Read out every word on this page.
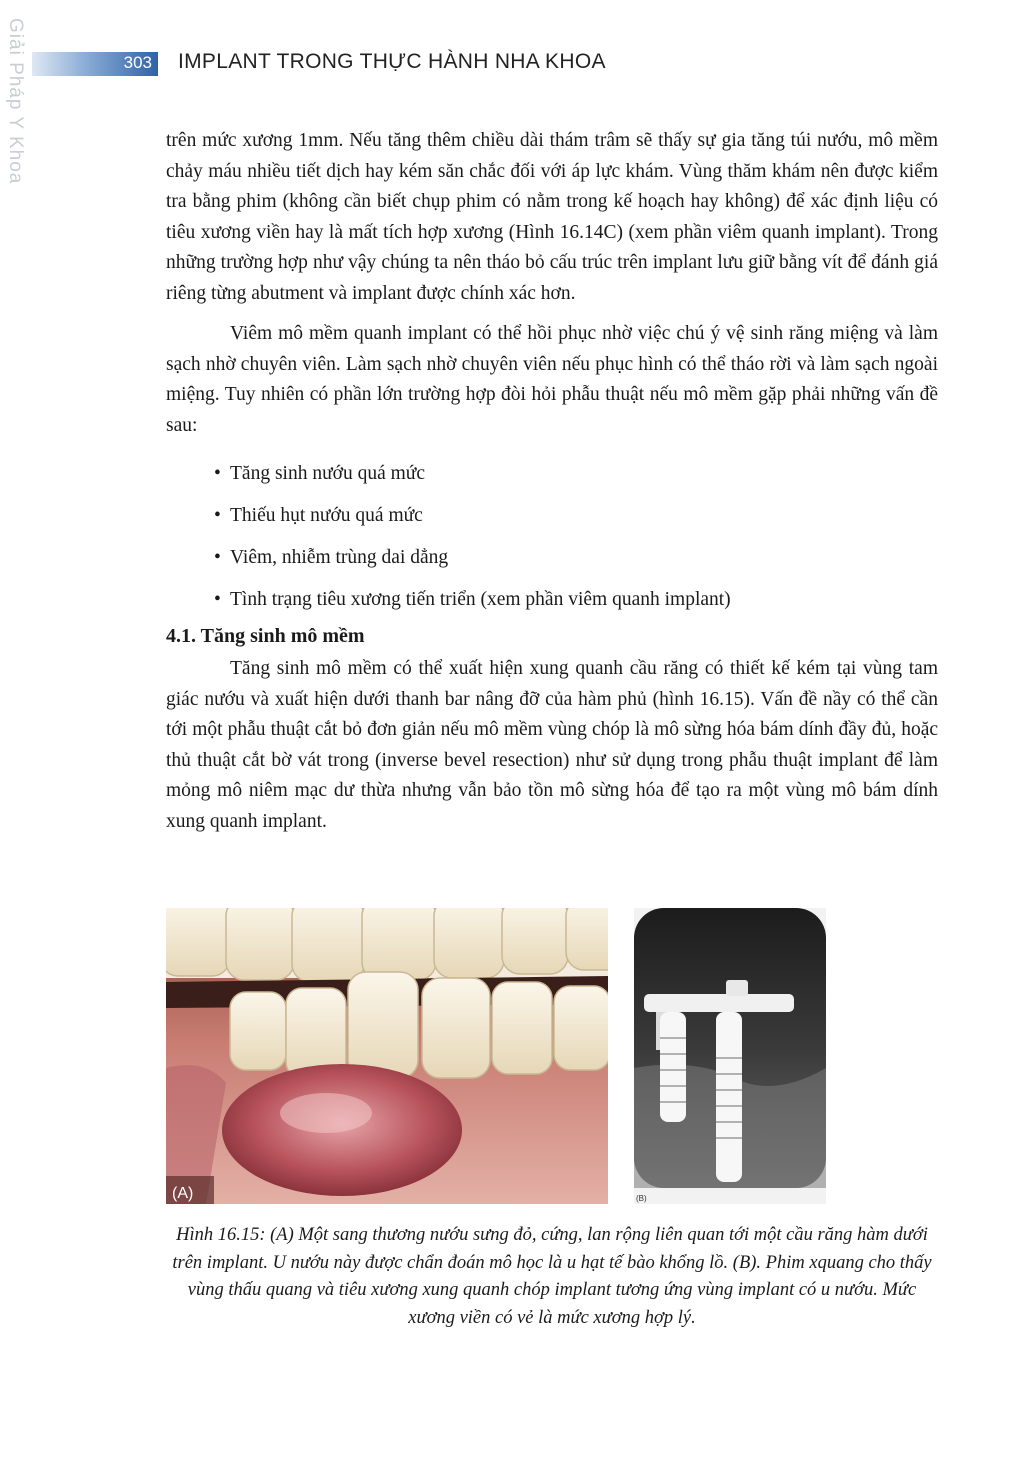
Giải Pháp Y Khoa	303 IMPLANT TRONG THỰC HÀNH NHA KHOA

trên mức xương 1mm. Nếu tăng thêm chiều dài thám trâm sẽ thấy sự gia tăng túi nướu, mô mềm chảy máu nhiều tiết dịch hay kém săn chắc đối với áp lực khám. Vùng thăm khám nên được kiểm tra bằng phim (không cần biết chụp phim có nằm trong kế hoạch hay không) để xác định liệu có tiêu xương viền hay là mất tích hợp xương (Hình 16.14C) (xem phần viêm quanh implant). Trong những trường hợp như vậy chúng ta nên tháo bỏ cấu trúc trên implant lưu giữ bằng vít để đánh giá riêng từng abutment và implant được chính xác hơn.

Viêm mô mềm quanh implant có thể hồi phục nhờ việc chú ý vệ sinh răng miệng và làm sạch nhờ chuyên viên. Làm sạch nhờ chuyên viên nếu phục hình có thể tháo rời và làm sạch ngoài miệng. Tuy nhiên có phần lớn trường hợp đòi hỏi phẫu thuật nếu mô mềm gặp phải những vấn đề sau:

• Tăng sinh nướu quá mức
• Thiếu hụt nướu quá mức
• Viêm, nhiễm trùng dai dẳng
• Tình trạng tiêu xương tiến triển (xem phần viêm quanh implant)
4.1. Tăng sinh mô mềm

Tăng sinh mô mềm có thể xuất hiện xung quanh cầu răng có thiết kế kém tại vùng tam giác nướu và xuất hiện dưới thanh bar nâng đỡ của hàm phủ (hình 16.15). Vấn đề nầy có thể cần tới một phẫu thuật cắt bỏ đơn giản nếu mô mềm vùng chóp là mô sừng hóa bám dính đầy đủ, hoặc thủ thuật cắt bờ vát trong (inverse bevel resection) như sử dụng trong phẫu thuật implant để làm mỏng mô niêm mạc dư thừa nhưng vẫn bảo tồn mô sừng hóa để tạo ra một vùng mô bám dính xung quanh implant.

(A)	(B)
Hình 16.15: (A) Một sang thương nướu sưng đỏ, cứng, lan rộng liên quan tới một cầu răng hàm dưới trên implant. U nướu này được chẩn đoán mô học là u hạt tế bào khổng lồ. (B). Phim xquang cho thấy vùng thấu quang và tiêu xương xung quanh chóp implant tương ứng vùng implant có u nướu. Mức xương viền có vẻ là mức xương hợp lý.
